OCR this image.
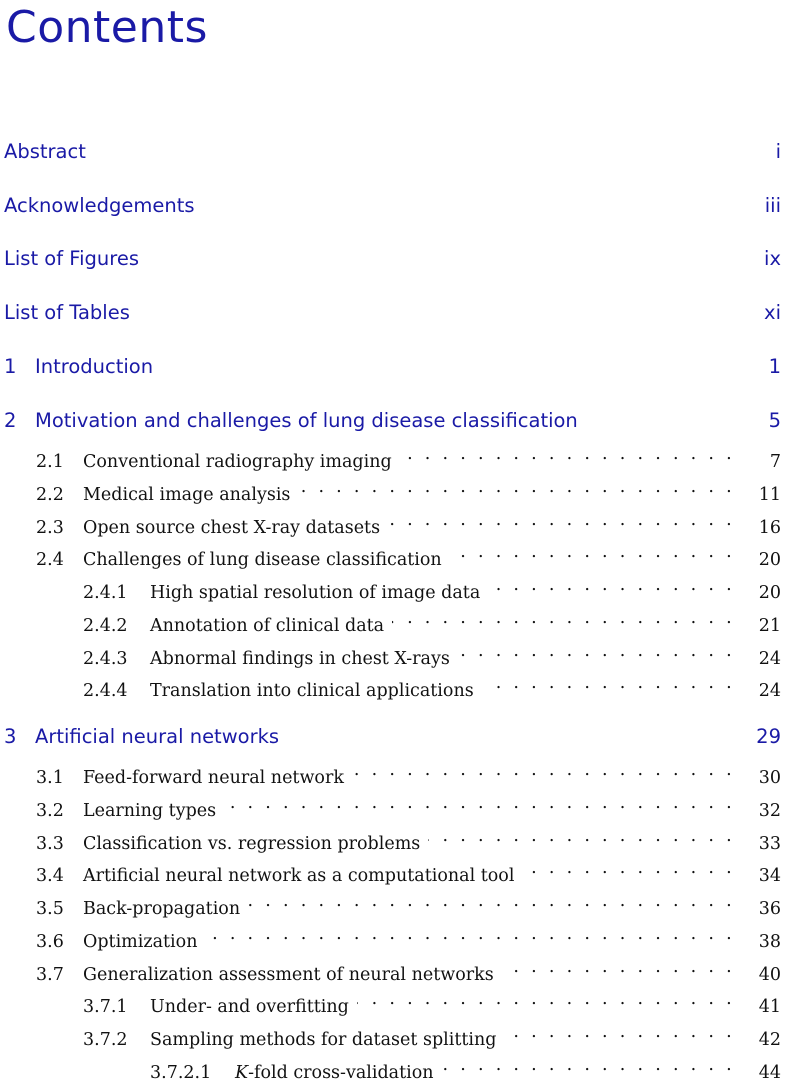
Contents
Abstract	i
Acknowledgements	iii
List of Figures	ix
List of Tables	xi
1 Introduction	1
2 Motivation and challenges of lung disease classification	5
2.1	Conventional radiography imaging . . .	7
2.2	Medical image analysis . . .	11
2.3	Open source chest X-ray datasets . . .	16
2.4	Challenges of lung disease classification . . .	20
2.4.1	High spatial resolution of image data . . .	20
2.4.2	Annotation of clinical data . . .	21
2.4.3	Abnormal findings in chest X-rays . . .	24
2.4.4	Translation into clinical applications . . .	24
3 Artificial neural networks	29
3.1	Feed-forward neural network . . .	30
3.2	Learning types . . .	32
3.3	Classification vs. regression problems . . .	33
3.4	Artificial neural network as a computational tool . . .	34
3.5	Back-propagation . . .	36
3.6	Optimization . . .	38
3.7	Generalization assessment of neural networks . . .	40
3.7.1	Under- and overfitting . . .	41
3.7.2	Sampling methods for dataset splitting . . .	42
3.7.2.1	K-fold cross-validation . . .	44
